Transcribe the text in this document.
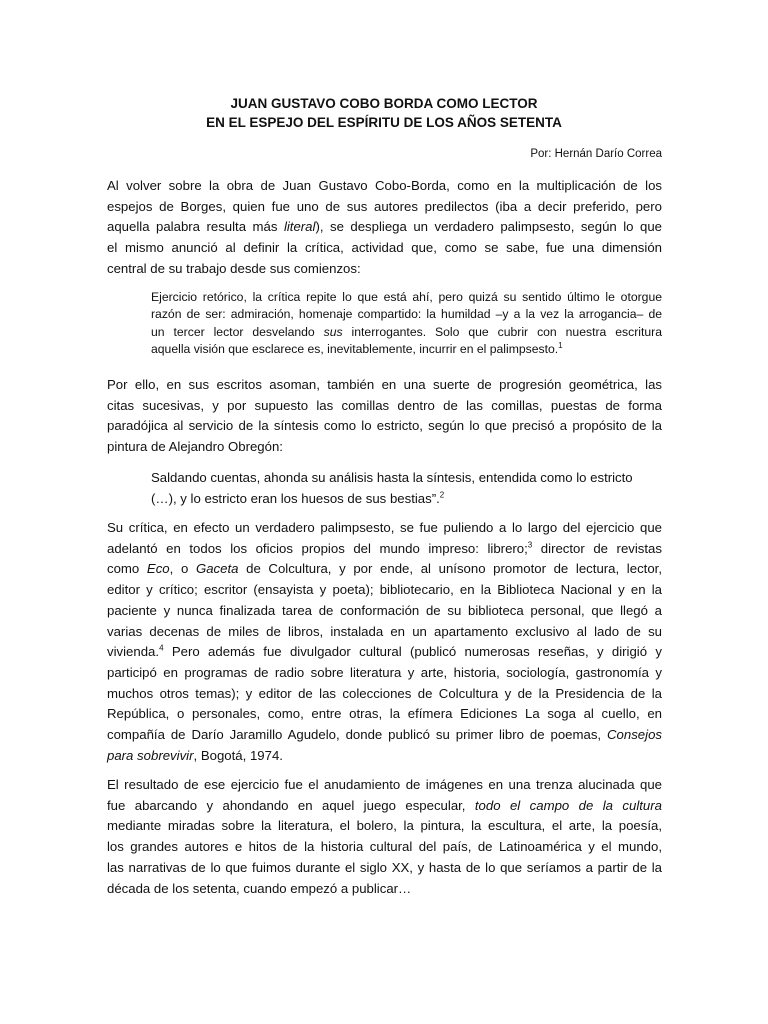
JUAN GUSTAVO COBO BORDA COMO LECTOR
EN EL ESPEJO DEL ESPÍRITU DE LOS AÑOS SETENTA
Por: Hernán Darío Correa
Al volver sobre la obra de Juan Gustavo Cobo-Borda, como en la multiplicación de los
espejos de Borges, quien fue uno de sus autores predilectos (iba a decir preferido, pero
aquella palabra resulta más literal), se despliega un verdadero palimpsesto, según lo que
el mismo anunció al definir la crítica, actividad que, como se sabe, fue una dimensión
central de su trabajo desde sus comienzos:
Ejercicio retórico, la crítica repite lo que está ahí, pero quizá su sentido último le otorgue
razón de ser: admiración, homenaje compartido: la humildad –y a la vez la arrogancia– de
un tercer lector desvelando sus interrogantes. Solo que cubrir con nuestra escritura
aquella visión que esclarece es, inevitablemente, incurrir en el palimpsesto.$^1$
Por ello, en sus escritos asoman, también en una suerte de progresión geométrica, las
citas sucesivas, y por supuesto las comillas dentro de las comillas, puestas de forma
paradójica al servicio de la síntesis como lo estricto, según lo que precisó a propósito de la
pintura de Alejandro Obregón:
Saldando cuentas, ahonda su análisis hasta la síntesis, entendida como lo estricto
(…), y lo estricto eran los huesos de sus bestias”.$^2$
Su crítica, en efecto un verdadero palimpsesto, se fue puliendo a lo largo del ejercicio que
adelantó en todos los oficios propios del mundo impreso: librero;$^3$ director de revistas
como Eco, o Gaceta de Colcultura, y por ende, al unísono promotor de lectura, lector,
editor y crítico; escritor (ensayista y poeta); bibliotecario, en la Biblioteca Nacional y en la
paciente y nunca finalizada tarea de conformación de su biblioteca personal, que llegó a
varias decenas de miles de libros, instalada en un apartamento exclusivo al lado de su
vivienda.$^4$ Pero además fue divulgador cultural (publicó numerosas reseñas, y dirigió y
participó en programas de radio sobre literatura y arte, historia, sociología, gastronomía y
muchos otros temas); y editor de las colecciones de Colcultura y de la Presidencia de la
República, o personales, como, entre otras, la efímera Ediciones La soga al cuello, en
compañía de Darío Jaramillo Agudelo, donde publicó su primer libro de poemas, Consejos
para sobrevivir, Bogotá, 1974.
El resultado de ese ejercicio fue el anudamiento de imágenes en una trenza alucinada que
fue abarcando y ahondando en aquel juego especular, todo el campo de la cultura
mediante miradas sobre la literatura, el bolero, la pintura, la escultura, el arte, la poesía,
los grandes autores e hitos de la historia cultural del país, de Latinoamérica y el mundo,
las narrativas de lo que fuimos durante el siglo XX, y hasta de lo que seríamos a partir de la
década de los setenta, cuando empezó a publicar…
